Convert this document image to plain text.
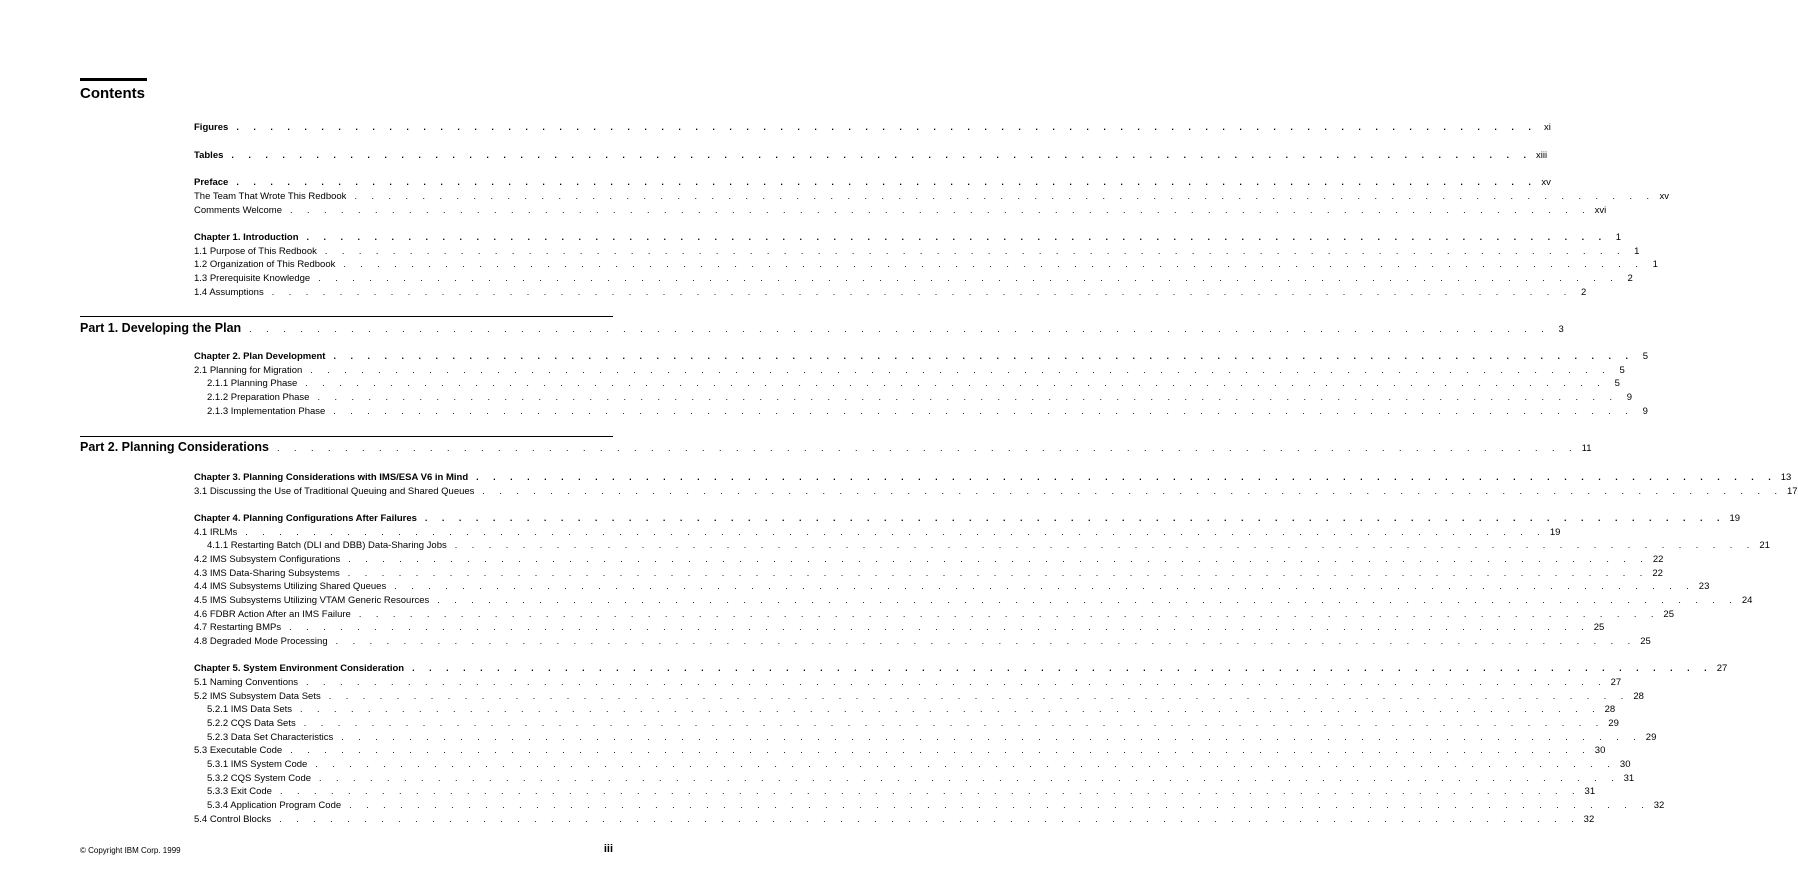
Contents
Figures . . . . . . . . . . . . . . . . . . . . . . . . . . . . . . . . . . . . . . . . . . . . . . . . . . . . . . . . . . . . . . . . . . . . . . . . . . . . . xi
Tables . . . . . . . . . . . . . . . . . . . . . . . . . . . . . . . . . . . . . . . . . . . . . . . . . . . . . . . . . . . . . . . . . . . . . . . . . . . . . xiii
Preface . . . . . . . . . . . . . . . . . . . . . . . . . . . . . . . . . . . . . . . . . . . . . . . . . . . . . . . . . . . . . . . . . . . . . . . . . . . . . xv
The Team That Wrote This Redbook . . . . . . . . . . . . . . . . . . . . . . . . . . . . . . . . . . . . . . . . . . . . . . . . . . . . . . . . . . . . . . . . . . . . . . . . . . . . . xv
Comments Welcome . . . . . . . . . . . . . . . . . . . . . . . . . . . . . . . . . . . . . . . . . . . . . . . . . . . . . . . . . . . . . . . . . . . . . . . . . . . . . xvi
Chapter 1. Introduction . . . . . . . . . . . . . . . . . . . . . . . . . . . . . . . . . . . . . . . . . . . . . . . . . . . . . . . . . . . . . . . . . . . . . . . . . . . . . 1
1.1 Purpose of This Redbook . . . . . . . . . . . . . . . . . . . . . . . . . . . . . . . . . . . . . . . . . . . . . . . . . . . . . . . . . . . . . . . . . . . . . . . . . . . . . 1
1.2 Organization of This Redbook . . . . . . . . . . . . . . . . . . . . . . . . . . . . . . . . . . . . . . . . . . . . . . . . . . . . . . . . . . . . . . . . . . . . . . . . . . . . . 1
1.3 Prerequisite Knowledge . . . . . . . . . . . . . . . . . . . . . . . . . . . . . . . . . . . . . . . . . . . . . . . . . . . . . . . . . . . . . . . . . . . . . . . . . . . . . 2
1.4 Assumptions . . . . . . . . . . . . . . . . . . . . . . . . . . . . . . . . . . . . . . . . . . . . . . . . . . . . . . . . . . . . . . . . . . . . . . . . . . . . . 2
Part 1. Developing the Plan . . . . . . . . . . . . . . . . . . . . . . . . . . . . . . . . . . . . . . . . . . . . . . . . . . . . . . . . . . . . . . . . . . . . . . . . . . . . . 3
Chapter 2. Plan Development . . . . . . . . . . . . . . . . . . . . . . . . . . . . . . . . . . . . . . . . . . . . . . . . . . . . . . . . . . . . . . . . . . . . . . . . . . . . . 5
2.1 Planning for Migration . . . . . . . . . . . . . . . . . . . . . . . . . . . . . . . . . . . . . . . . . . . . . . . . . . . . . . . . . . . . . . . . . . . . . . . . . . . . . 5
2.1.1 Planning Phase . . . . . . . . . . . . . . . . . . . . . . . . . . . . . . . . . . . . . . . . . . . . . . . . . . . . . . . . . . . . . . . . . . . . . . . . . . . . . 5
2.1.2 Preparation Phase . . . . . . . . . . . . . . . . . . . . . . . . . . . . . . . . . . . . . . . . . . . . . . . . . . . . . . . . . . . . . . . . . . . . . . . . . . . . . 9
2.1.3 Implementation Phase . . . . . . . . . . . . . . . . . . . . . . . . . . . . . . . . . . . . . . . . . . . . . . . . . . . . . . . . . . . . . . . . . . . . . . . . . . . . . 9
Part 2. Planning Considerations . . . . . . . . . . . . . . . . . . . . . . . . . . . . . . . . . . . . . . . . . . . . . . . . . . . . . . . . . . . . . . . . . . . . . . . . . . . . . 11
Chapter 3. Planning Considerations with IMS/ESA V6 in Mind . . . . . . . . . . . . . . . . . . . . . . . . . . . . . . . . . . . . . . . . . . . . . . . . . . . . . . . . . . . . . . . . . . . . . . . . . . . . . 13
3.1 Discussing the Use of Traditional Queuing and Shared Queues . . . . . . . . . . . . . . . . . . . . . . . . . . . . . . . . . . . . . . . . . . . . . . . . . . . . . . . . . . . . . . . . . . . . . . . . . . . . . 17
Chapter 4. Planning Configurations After Failures . . . . . . . . . . . . . . . . . . . . . . . . . . . . . . . . . . . . . . . . . . . . . . . . . . . . . . . . . . . . . . . . . . . . . . . . . . . . . 19
4.1 IRLMs . . . . . . . . . . . . . . . . . . . . . . . . . . . . . . . . . . . . . . . . . . . . . . . . . . . . . . . . . . . . . . . . . . . . . . . . . . . . . 19
4.1.1 Restarting Batch (DLI and DBB) Data-Sharing Jobs . . . . . . . . . . . . . . . . . . . . . . . . . . . . . . . . . . . . . . . . . . . . . . . . . . . . . . . . . . . . . . . . . . . . . . . . . . . . . 21
4.2 IMS Subsystem Configurations . . . . . . . . . . . . . . . . . . . . . . . . . . . . . . . . . . . . . . . . . . . . . . . . . . . . . . . . . . . . . . . . . . . . . . . . . . . . . 22
4.3 IMS Data-Sharing Subsystems . . . . . . . . . . . . . . . . . . . . . . . . . . . . . . . . . . . . . . . . . . . . . . . . . . . . . . . . . . . . . . . . . . . . . . . . . . . . . 22
4.4 IMS Subsystems Utilizing Shared Queues . . . . . . . . . . . . . . . . . . . . . . . . . . . . . . . . . . . . . . . . . . . . . . . . . . . . . . . . . . . . . . . . . . . . . . . . . . . . . 23
4.5 IMS Subsystems Utilizing VTAM Generic Resources . . . . . . . . . . . . . . . . . . . . . . . . . . . . . . . . . . . . . . . . . . . . . . . . . . . . . . . . . . . . . . . . . . . . . . . . . . . . . 24
4.6 FDBR Action After an IMS Failure . . . . . . . . . . . . . . . . . . . . . . . . . . . . . . . . . . . . . . . . . . . . . . . . . . . . . . . . . . . . . . . . . . . . . . . . . . . . . 25
4.7 Restarting BMPs . . . . . . . . . . . . . . . . . . . . . . . . . . . . . . . . . . . . . . . . . . . . . . . . . . . . . . . . . . . . . . . . . . . . . . . . . . . . . 25
4.8 Degraded Mode Processing . . . . . . . . . . . . . . . . . . . . . . . . . . . . . . . . . . . . . . . . . . . . . . . . . . . . . . . . . . . . . . . . . . . . . . . . . . . . . 25
Chapter 5. System Environment Consideration . . . . . . . . . . . . . . . . . . . . . . . . . . . . . . . . . . . . . . . . . . . . . . . . . . . . . . . . . . . . . . . . . . . . . . . . . . . . . 27
5.1 Naming Conventions . . . . . . . . . . . . . . . . . . . . . . . . . . . . . . . . . . . . . . . . . . . . . . . . . . . . . . . . . . . . . . . . . . . . . . . . . . . . . 27
5.2 IMS Subsystem Data Sets . . . . . . . . . . . . . . . . . . . . . . . . . . . . . . . . . . . . . . . . . . . . . . . . . . . . . . . . . . . . . . . . . . . . . . . . . . . . . 28
5.2.1 IMS Data Sets . . . . . . . . . . . . . . . . . . . . . . . . . . . . . . . . . . . . . . . . . . . . . . . . . . . . . . . . . . . . . . . . . . . . . . . . . . . . . 28
5.2.2 CQS Data Sets . . . . . . . . . . . . . . . . . . . . . . . . . . . . . . . . . . . . . . . . . . . . . . . . . . . . . . . . . . . . . . . . . . . . . . . . . . . . . 29
5.2.3 Data Set Characteristics . . . . . . . . . . . . . . . . . . . . . . . . . . . . . . . . . . . . . . . . . . . . . . . . . . . . . . . . . . . . . . . . . . . . . . . . . . . . . 29
5.3 Executable Code . . . . . . . . . . . . . . . . . . . . . . . . . . . . . . . . . . . . . . . . . . . . . . . . . . . . . . . . . . . . . . . . . . . . . . . . . . . . . 30
5.3.1 IMS System Code . . . . . . . . . . . . . . . . . . . . . . . . . . . . . . . . . . . . . . . . . . . . . . . . . . . . . . . . . . . . . . . . . . . . . . . . . . . . . 30
5.3.2 CQS System Code . . . . . . . . . . . . . . . . . . . . . . . . . . . . . . . . . . . . . . . . . . . . . . . . . . . . . . . . . . . . . . . . . . . . . . . . . . . . . 31
5.3.3 Exit Code . . . . . . . . . . . . . . . . . . . . . . . . . . . . . . . . . . . . . . . . . . . . . . . . . . . . . . . . . . . . . . . . . . . . . . . . . . . . . 31
5.3.4 Application Program Code . . . . . . . . . . . . . . . . . . . . . . . . . . . . . . . . . . . . . . . . . . . . . . . . . . . . . . . . . . . . . . . . . . . . . . . . . . . . . 32
5.4 Control Blocks . . . . . . . . . . . . . . . . . . . . . . . . . . . . . . . . . . . . . . . . . . . . . . . . . . . . . . . . . . . . . . . . . . . . . . . . . . . . . 32
© Copyright IBM Corp. 1999	iii
